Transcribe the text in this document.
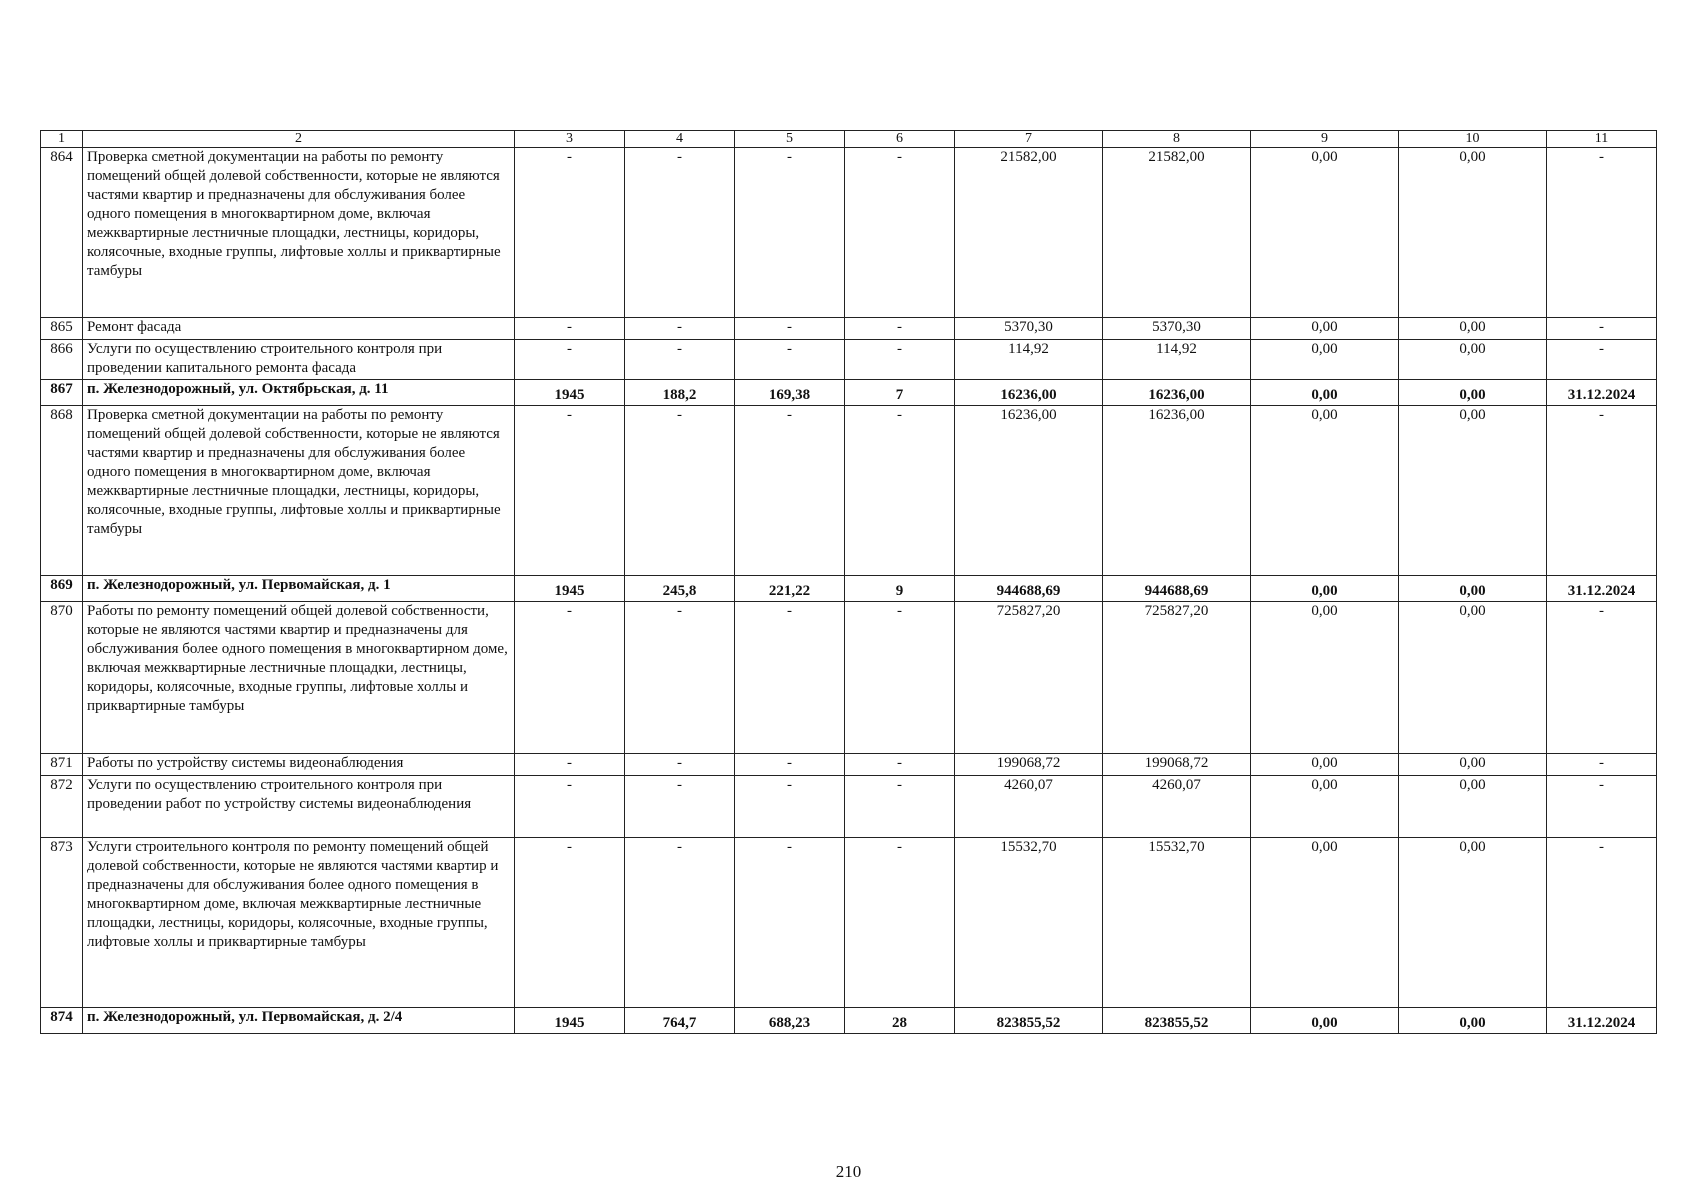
1	2	3	4	5	6	7	8	9	10	11
864	Проверка сметной документации на работы по ремонту помещений общей долевой собственности, которые не являются частями квартир и предназначены для обслуживания более одного помещения в многоквартирном доме, включая межквартирные лестничные площадки, лестницы, коридоры, колясочные, входные группы, лифтовые холлы и приквартирные тамбуры	-	-	-	-	21582,00	21582,00	0,00	0,00	-
865	Ремонт фасада	-	-	-	-	5370,30	5370,30	0,00	0,00	-
866	Услуги по осуществлению строительного контроля при проведении капитального ремонта фасада	-	-	-	-	114,92	114,92	0,00	0,00	-
867	п. Железнодорожный, ул. Октябрьская, д. 11	1945	188,2	169,38	7	16236,00	16236,00	0,00	0,00	31.12.2024
868	Проверка сметной документации на работы по ремонту помещений общей долевой собственности, которые не являются частями квартир и предназначены для обслуживания более одного помещения в многоквартирном доме, включая межквартирные лестничные площадки, лестницы, коридоры, колясочные, входные группы, лифтовые холлы и приквартирные тамбуры	-	-	-	-	16236,00	16236,00	0,00	0,00	-
869	п. Железнодорожный, ул. Первомайская, д. 1	1945	245,8	221,22	9	944688,69	944688,69	0,00	0,00	31.12.2024
870	Работы по ремонту помещений общей долевой собственности, которые не являются частями квартир и предназначены для обслуживания более одного помещения в многоквартирном доме, включая межквартирные лестничные площадки, лестницы, коридоры, колясочные, входные группы, лифтовые холлы и приквартирные тамбуры	-	-	-	-	725827,20	725827,20	0,00	0,00	-
871	Работы по устройству системы видеонаблюдения	-	-	-	-	199068,72	199068,72	0,00	0,00	-
872	Услуги по осуществлению строительного контроля при проведении работ по устройству системы видеонаблюдения	-	-	-	-	4260,07	4260,07	0,00	0,00	-
873	Услуги строительного контроля по ремонту помещений общей долевой собственности, которые не являются частями квартир и предназначены для обслуживания более одного помещения в многоквартирном доме, включая межквартирные лестничные площадки, лестницы, коридоры, колясочные, входные группы, лифтовые холлы и приквартирные тамбуры	-	-	-	-	15532,70	15532,70	0,00	0,00	-
874	п. Железнодорожный, ул. Первомайская, д. 2/4	1945	764,7	688,23	28	823855,52	823855,52	0,00	0,00	31.12.2024
210
